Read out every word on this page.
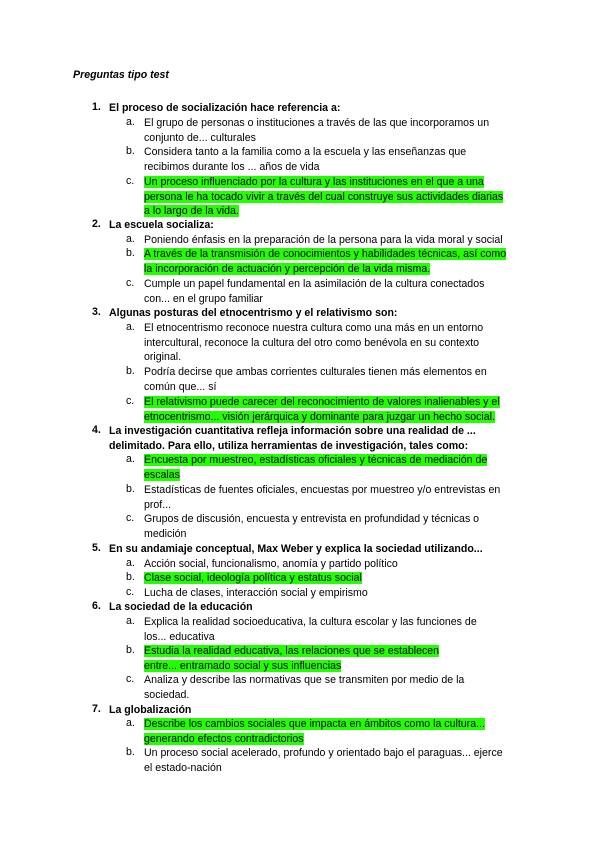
Preguntas tipo test
1. El proceso de socialización hace referencia a:
a. El grupo de personas o instituciones a través de las que incorporamos un
conjunto de... culturales
b. Considera tanto a la familia como a la escuela y las enseñanzas que
recibimos durante los ... años de vida
c. Un proceso influenciado por la cultura y las instituciones en el que a una
persona le ha tocado vivir a través del cual construye sus actividades diarias
a lo largo de la vida.
2. La escuela socializa:
a. Poniendo énfasis en la preparación de la persona para la vida moral y social
b. A través de la transmisión de conocimientos y habilidades técnicas, así como
la incorporación de actuación y percepción de la vida misma.
c. Cumple un papel fundamental en la asimilación de la cultura conectados
con... en el grupo familiar
3. Algunas posturas del etnocentrismo y el relativismo son:
a. El etnocentrismo reconoce nuestra cultura como una más en un entorno
intercultural, reconoce la cultura del otro como benévola en su contexto
original.
b. Podría decirse que ambas corrientes culturales tienen más elementos en
común que... sí
c. El relativismo puede carecer del reconocimiento de valores inalienables y el
etnocentrismo... visión jerárquica y dominante para juzgar un hecho social.
4. La investigación cuantitativa refleja información sobre una realidad de ...
delimitado. Para ello, utiliza herramientas de investigación, tales como:
a. Encuesta por muestreo, estadísticas oficiales y técnicas de mediación de
escalas
b. Estadísticas de fuentes oficiales, encuestas por muestreo y/o entrevistas en
prof...
c. Grupos de discusión, encuesta y entrevista en profundidad y técnicas o
medición
5. En su andamiaje conceptual, Max Weber y explica la sociedad utilizando...
a. Acción social, funcionalismo, anomía y partido político
b. Clase social, ideología política y estatus social
c. Lucha de clases, interacción social y empirismo
6. La sociedad de la educación
a. Explica la realidad socioeducativa, la cultura escolar y las funciones de
los... educativa
b. Estudia la realidad educativa, las relaciones que se establecen
entre... entramado social y sus influencias
c. Analiza y describe las normativas que se transmiten por medio de la
sociedad.
7. La globalización
a. Describe los cambios sociales que impacta en ámbitos como la cultura...
generando efectos contradictorios
b. Un proceso social acelerado, profundo y orientado bajo el paraguas... ejerce
el estado-nación
